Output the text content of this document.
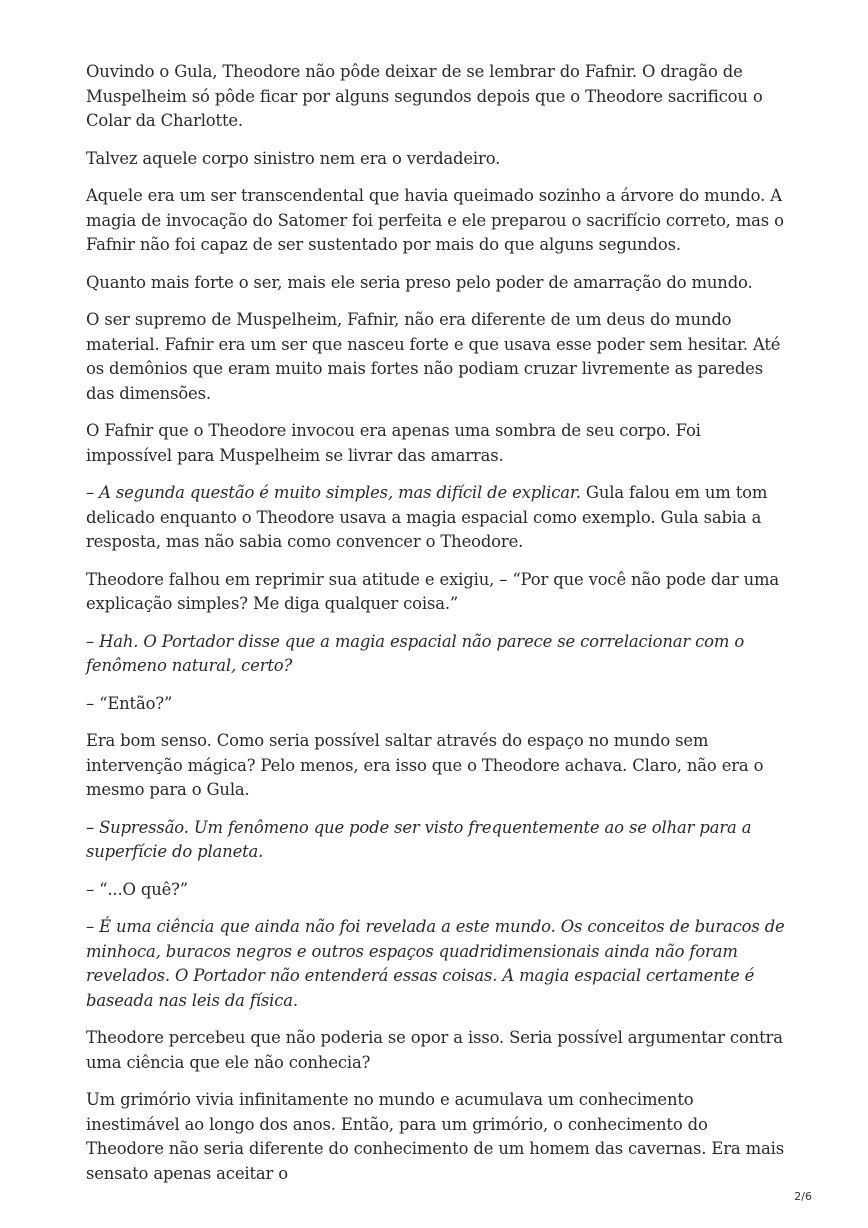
Ouvindo o Gula, Theodore não pôde deixar de se lembrar do Fafnir. O dragão de Muspelheim só pôde ficar por alguns segundos depois que o Theodore sacrificou o Colar da Charlotte.

Talvez aquele corpo sinistro nem era o verdadeiro.

Aquele era um ser transcendental que havia queimado sozinho a árvore do mundo. A magia de invocação do Satomer foi perfeita e ele preparou o sacrifício correto, mas o Fafnir não foi capaz de ser sustentado por mais do que alguns segundos.

Quanto mais forte o ser, mais ele seria preso pelo poder de amarração do mundo.

O ser supremo de Muspelheim, Fafnir, não era diferente de um deus do mundo material. Fafnir era um ser que nasceu forte e que usava esse poder sem hesitar. Até os demônios que eram muito mais fortes não podiam cruzar livremente as paredes das dimensões.

O Fafnir que o Theodore invocou era apenas uma sombra de seu corpo. Foi impossível para Muspelheim se livrar das amarras.

– A segunda questão é muito simples, mas difícil de explicar. Gula falou em um tom delicado enquanto o Theodore usava a magia espacial como exemplo. Gula sabia a resposta, mas não sabia como convencer o Theodore.

Theodore falhou em reprimir sua atitude e exigiu, – “Por que você não pode dar uma explicação simples? Me diga qualquer coisa.”

– Hah. O Portador disse que a magia espacial não parece se correlacionar com o fenômeno natural, certo?

– “Então?”

Era bom senso. Como seria possível saltar através do espaço no mundo sem intervenção mágica? Pelo menos, era isso que o Theodore achava. Claro, não era o mesmo para o Gula.

– Supressão. Um fenômeno que pode ser visto frequentemente ao se olhar para a superfície do planeta.

– “...O quê?”

– É uma ciência que ainda não foi revelada a este mundo. Os conceitos de buracos de minhoca, buracos negros e outros espaços quadridimensionais ainda não foram revelados. O Portador não entenderá essas coisas. A magia espacial certamente é baseada nas leis da física.

Theodore percebeu que não poderia se opor a isso. Seria possível argumentar contra uma ciência que ele não conhecia?

Um grimório vivia infinitamente no mundo e acumulava um conhecimento inestimável ao longo dos anos. Então, para um grimório, o conhecimento do Theodore não seria diferente do conhecimento de um homem das cavernas. Era mais sensato apenas aceitar o

2/6
